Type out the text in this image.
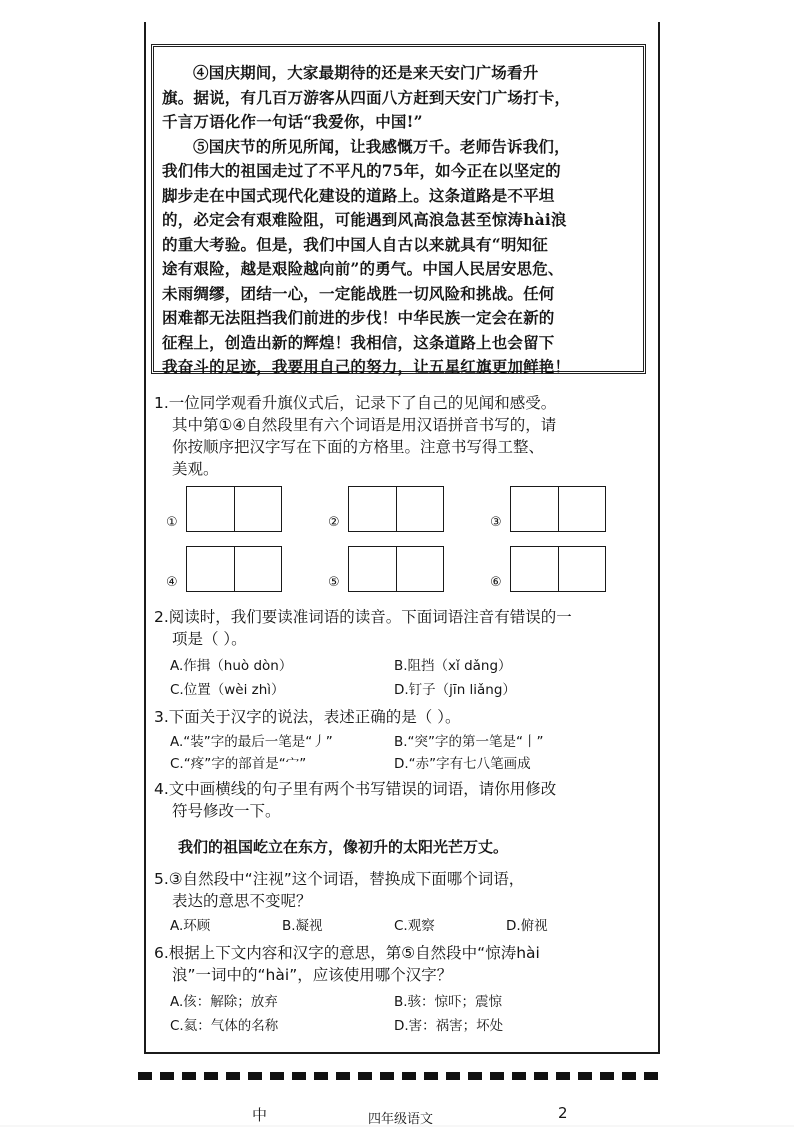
④国庆期间，大家最期待的还是来天安门广场看升

旗。据说，有几百万游客从四面八方赶到天安门广场打卡，

千言万语化作一句话“我爱你，中国!”

⑤国庆节的所见所闻，让我感慨万千。老师告诉我们，

我们伟大的祖国走过了不平凡的75年，如今正在以坚定的

脚步走在中国式现代化建设的道路上。这条道路是不平坦

的，必定会有艰难险阻，可能遇到风高浪急甚至惊涛hài浪

的重大考验。但是，我们中国人自古以来就具有“明知征

途有艰险，越是艰险越向前”的勇气。中国人民居安思危、

未雨绸缪，团结一心，一定能战胜一切风险和挑战。任何

困难都无法阻挡我们前进的步伐！中华民族一定会在新的

征程上，创造出新的辉煌！我相信，这条道路上也会留下

我奋斗的足迹，我要用自己的努力，让五星红旗更加鲜艳！

1.一位同学观看升旗仪式后，记录下了自己的见闻和感受。

其中第①④自然段里有六个词语是用汉语拼音书写的，请

你按顺序把汉字写在下面的方格里。注意书写得工整、

美观。

①	②	③
④	⑤	⑥

2.阅读时，我们要读准词语的读音。下面词语注音有错误的一

项是（ ）。

A.作揖（huò dòn）	B.阻挡（xǐ dǎng）
C.位置（wèi zhì）	D.钉子（jīn liǎng）

3.下面关于汉字的说法，表述正确的是（ ）。

A.“装”字的最后一笔是“丿”	B.“突”字的第一笔是“丨”
C.“疼”字的部首是“宀”	D.“赤”字有七八笔画成

4.文中画横线的句子里有两个书写错误的词语，请你用修改

符号修改一下。

我们的祖国屹立在东方，像初升的太阳光芒万丈。

5.③自然段中“注视”这个词语，替换成下面哪个词语，

表达的意思不变呢？

A.环顾	B.凝视	C.观察	D.俯视

6.根据上下文内容和汉字的意思，第⑤自然段中“惊涛hài

浪”一词中的“hài”，应该使用哪个汉字？

A.侅：解除；放弃	B.骇：惊吓；震惊
C.氦：气体的名称	D.害：祸害；坏处
中	四年级语文	2
